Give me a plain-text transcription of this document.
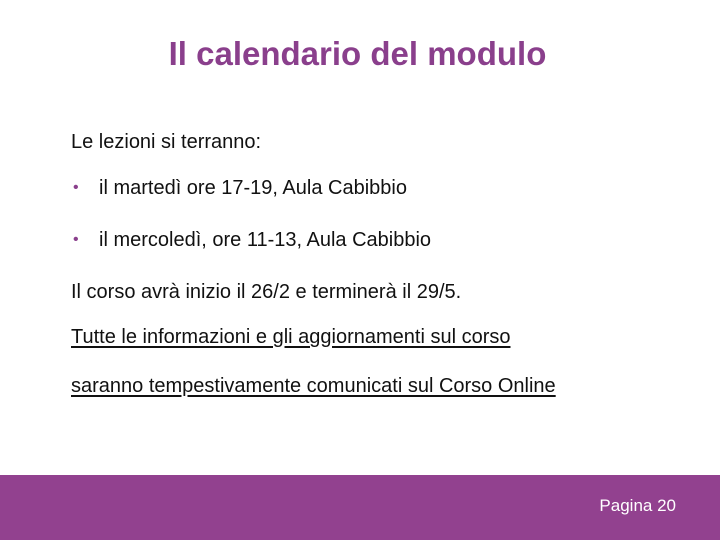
Il calendario del modulo
Le lezioni si terranno:
• il martedì ore 17-19, Aula Cabibbio
• il mercoledì, ore 11-13, Aula Cabibbio
Il corso avrà inizio il 26/2 e terminerà il 29/5.
Tutte le informazioni e gli aggiornamenti sul corso
saranno tempestivamente comunicati sul Corso Online
Pagina 20
